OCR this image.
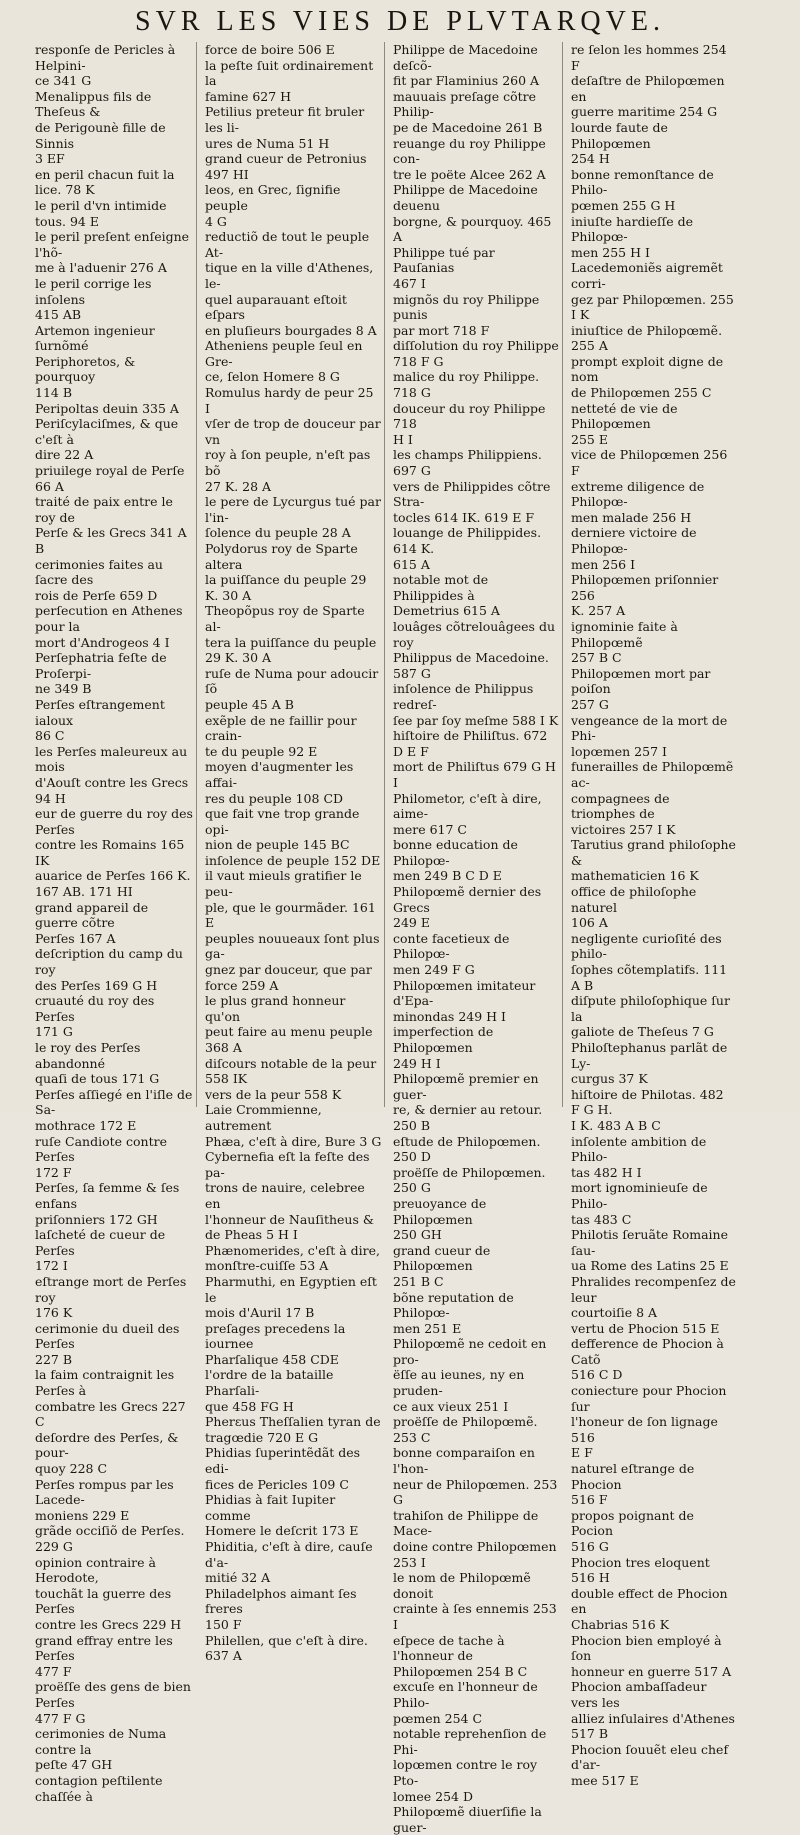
SVR LES VIES DE PLVTARQVE.
responſe de Pericles à Helpini-
ce 341 G
Menalippus fils de Theſeus &
de Perigounè fille de Sinnis
3 EF
en peril chacun fuit la lice. 78 K
le peril d'vn intimide tous. 94 E
le peril preſent enſeigne l'hõ-
me à l'aduenir 276 A
le peril corrige les inſolens
415 AB
Artemon ingenieur ſurnõmé
Periphoretos, & pourquoy
114 B
Peripoltas deuin 335 A
Periſcylaciſmes, & que c'eſt à
dire 22 A
priuilege royal de Perſe 66 A
traité de paix entre le roy de
Perſe & les Grecs 341 A B
cerimonies faites au ſacre des
rois de Perſe 659 D
perſecution en Athenes pour la
mort d'Androgeos 4 I
Perſephatria feſte de Proſerpi-
ne 349 B
Perſes eſtrangement ialoux
86 C
les Perſes maleureux au mois
d'Aouſt contre les Grecs
94 H
eur de guerre du roy des Perſes
contre les Romains 165 IK
auarice de Perſes 166 K.
167 AB. 171 HI
grand appareil de guerre cõtre
Perſes 167 A
deſcription du camp du roy
des Perſes 169 G H
cruauté du roy des Perſes
171 G
le roy des Perſes abandonné
quaſi de tous 171 G
Perſes aſſiegé en l'iſle de Sa-
mothrace 172 E
ruſe Candiote contre Perſes
172 F
Perſes, ſa femme & ſes enfans
priſonniers 172 GH
laſcheté de cueur de Perſes
172 I
eſtrange mort de Perſes roy
176 K
cerimonie du dueil des Perſes
227 B
la faim contraignit les Perſes à
combatre les Grecs 227 C
deſordre des Perſes, & pour-
quoy 228 C
Perſes rompus par les Lacede-
moniens 229 E
grãde occiſiõ de Perſes. 229 G
opinion contraire à Herodote,
touchãt la guerre des Perſes
contre les Grecs 229 H
grand effray entre les Perſes
477 F
proëſſe des gens de bien Perſes
477 F G
cerimonies de Numa contre la
peſte 47 GH
contagion peſtilente chaſſée à
force de boire 506 E
la peſte ſuit ordinairement la
famine 627 H
Petilius preteur fit bruler les li-
ures de Numa 51 H
grand cueur de Petronius
497 HI
leos, en Grec, ſignifie peuple
4 G
reductiõ de tout le peuple At-
tique en la ville d'Athenes, le-
quel auparauant eſtoit eſpars
en pluſieurs bourgades 8 A
Atheniens peuple ſeul en Gre-
ce, ſelon Homere 8 G
Romulus hardy de peur 25 I
vſer de trop de douceur par vn
roy à ſon peuple, n'eſt pas bõ
27 K. 28 A
le pere de Lycurgus tué par l'in-
ſolence du peuple 28 A
Polydorus roy de Sparte altera
la puiſſance du peuple 29
K. 30 A
Theopõpus roy de Sparte al-
tera la puiſſance du peuple
29 K. 30 A
ruſe de Numa pour adoucir ſõ
peuple 45 A B
exẽple de ne faillir pour crain-
te du peuple 92 E
moyen d'augmenter les affai-
res du peuple 108 CD
que fait vne trop grande opi-
nion de peuple 145 BC
inſolence de peuple 152 DE
il vaut mieuls gratifier le peu-
ple, que le gourmãder. 161 E
peuples nouueaux ſont plus ga-
gnez par douceur, que par
force 259 A
le plus grand honneur qu'on
peut faire au menu peuple
368 A
diſcours notable de la peur
558 IK
vers de la peur 558 K
Laie Crommienne, autrement
Phæa, c'eſt à dire, Bure 3 G
Cybernefia eſt la feſte des pa-
trons de nauire, celebree en
l'honneur de Nauſitheus &
de Pheas 5 H I
Phænomerides, c'eſt à dire,
monſtre-cuiſſe 53 A
Pharmuthi, en Egyptien eſt le
mois d'Auril 17 B
preſages precedens la iournee
Pharſalique 458 CDE
l'ordre de la bataille Pharſali-
que 458 FG H
Pherɛus Theſſalien tyran de
tragœdie 720 E G
Phidias ſuperintẽdãt des edi-
fices de Pericles 109 C
Phidias à fait Iupiter comme
Homere le deſcrit 173 E
Phiditia, c'eſt à dire, cauſe d'a-
mitié 32 A
Philadelphos aimant ſes freres
150 F
Philellen, que c'eſt à dire. 637 A
Philippe de Macedoine deſcõ-
fit par Flaminius 260 A
mauuais preſage cõtre Philip-
pe de Macedoine 261 B
reuange du roy Philippe con-
tre le poëte Alcee 262 A
Philippe de Macedoine deuenu
borgne, & pourquoy. 465 A
Philippe tué par Pauſanias
467 I
mignõs du roy Philippe punis
par mort 718 F
diſſolution du roy Philippe
718 F G
malice du roy Philippe. 718 G
douceur du roy Philippe 718
H I
les champs Philippiens. 697 G
vers de Philippides cõtre Stra-
tocles 614 IK. 619 E F
louange de Philippides. 614 K.
615 A
notable mot de Philippides à
Demetrius 615 A
louâges cõtrelouâgees du roy
Philippus de Macedoine.
587 G
inſolence de Philippus redreſ-
ſee par ſoy meſme 588 I K
hiſtoire de Philiſtus. 672 D E F
mort de Philiſtus 679 G H I
Philometor, c'eſt à dire, aime-
mere 617 C
bonne education de Philopœ-
men 249 B C D E
Philopœmẽ dernier des Grecs
249 E
conte facetieux de Philopœ-
men 249 F G
Philopœmen imitateur d'Epa-
minondas 249 H I
imperfection de Philopœmen
249 H I
Philopœmẽ premier en guer-
re, & dernier au retour. 250 B
eſtude de Philopœmen. 250 D
proëſſe de Philopœmen. 250 G
preuoyance de Philopœmen
250 GH
grand cueur de Philopœmen
251 B C
bõne reputation de Philopœ-
men 251 E
Philopœmẽ ne cedoit en pro-
ëſſe au ieunes, ny en pruden-
ce aux vieux 251 I
proëſſe de Philopœmẽ. 253 C
bonne comparaiſon en l'hon-
neur de Philopœmen. 253 G
trahiſon de Philippe de Mace-
doine contre Philopœmen
253 I
le nom de Philopœmẽ donoit
crainte à ſes ennemis 253 I
eſpece de tache à l'honneur de
Philopœmen 254 B C
excuſe en l'honneur de Philo-
pœmen 254 C
notable reprehenſion de Phi-
lopœmen contre le roy Pto-
lomee 254 D
Philopœmẽ diuerſifie la guer-
re ſelon les hommes 254 F
deſaſtre de Philopœmen en
guerre maritime 254 G
lourde faute de Philopœmen
254 H
bonne remonſtance de Philo-
pœmen 255 G H
iniuſte hardieſſe de Philopœ-
men 255 H I
Lacedemoniẽs aigremẽt corri-
gez par Philopœmen. 255 I K
iniuſtice de Philopœmẽ. 255 A
prompt exploit digne de nom
de Philopœmen 255 C
netteté de vie de Philopœmen
255 E
vice de Philopœmen 256 F
extreme diligence de Philopœ-
men malade 256 H
derniere victoire de Philopœ-
men 256 I
Philopœmen priſonnier 256
K. 257 A
ignominie faite à Philopœmẽ
257 B C
Philopœmen mort par poiſon
257 G
vengeance de la mort de Phi-
lopœmen 257 I
funerailles de Philopœmẽ ac-
compagnees de triomphes de
victoires 257 I K
Tarutius grand philoſophe &
mathematicien 16 K
office de philoſophe naturel
106 A
negligente curioſité des philo-
ſophes cõtemplatifs. 111 A B
diſpute philoſophique ſur la
galiote de Theſeus 7 G
Philoſtephanus parlãt de Ly-
curgus 37 K
hiſtoire de Philotas. 482 F G H.
I K. 483 A B C
inſolente ambition de Philo-
tas 482 H I
mort ignominieuſe de Philo-
tas 483 C
Philotis ſeruãte Romaine ſau-
ua Rome des Latins 25 E
Phralides recompenſez de leur
courtoiſie 8 A
vertu de Phocion 515 E
defference de Phocion à Catõ
516 C D
coniecture pour Phocion ſur
l'honeur de ſon lignage 516
E F
naturel eſtrange de Phocion
516 F
propos poignant de Pocion
516 G
Phocion tres eloquent 516 H
double effect de Phocion en
Chabrias 516 K
Phocion bien employé à ſon
honneur en guerre 517 A
Phocion ambaſſadeur vers les
alliez inſulaires d'Athenes
517 B
Phocion ſouuẽt eleu chef d'ar-
mee 517 E
